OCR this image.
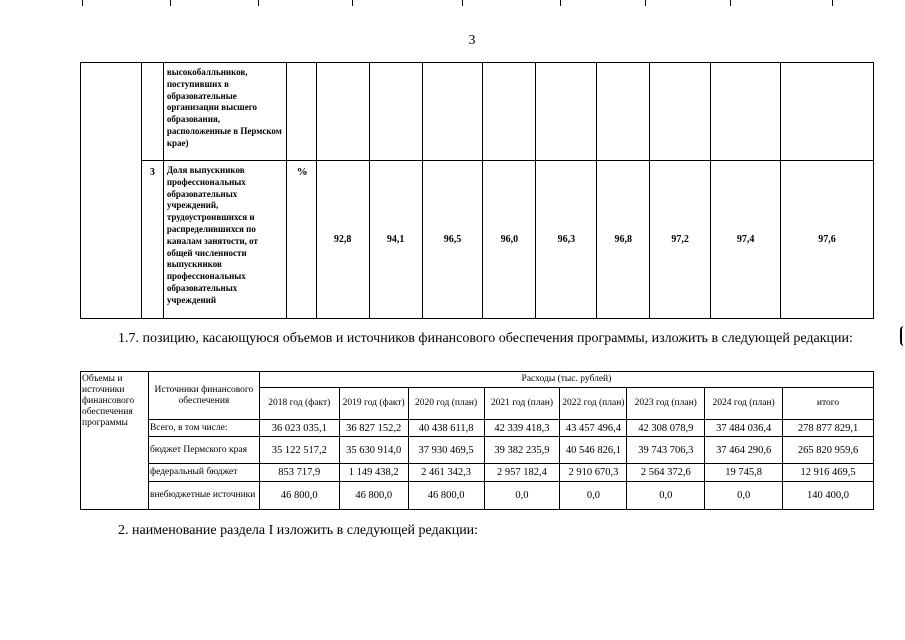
3
		высокобалльников, поступивших в образовательные организации высшего образования, расположенные в Пермском крае)										
	3	Доля выпускников профессиональных образовательных учреждений, трудоустроившихся и распределившихся по каналам занятости, от общей численности выпускников профессиональных образовательных учреждений	%	92,8	94,1	96,5	96,0	96,3	96,8	97,2	97,4	97,6
1.7. позицию, касающуюся объемов и источников финансового обеспечения программы, изложить в следующей редакции:
Объемы и источники финансового обеспечения программы	Источники финансового обеспечения	Расходы (тыс. рублей)							
		2018 год (факт)	2019 год (факт)	2020 год (план)	2021 год (план)	2022 год (план)	2023 год (план)	2024 год (план)	итого
	Всего, в том числе:	36 023 035,1	36 827 152,2	40 438 611,8	42 339 418,3	43 457 496,4	42 308 078,9	37 484 036,4	278 877 829,1
	бюджет Пермского края	35 122 517,2	35 630 914,0	37 930 469,5	39 382 235,9	40 546 826,1	39 743 706,3	37 464 290,6	265 820 959,6
	федеральный бюджет	853 717,9	1 149 438,2	2 461 342,3	2 957 182,4	2 910 670,3	2 564 372,6	19 745,8	12 916 469,5
	внебюджетные источники	46 800,0	46 800,0	46 800,0	0,0	0,0	0,0	0,0	140 400,0
2. наименование раздела I изложить в следующей редакции:
